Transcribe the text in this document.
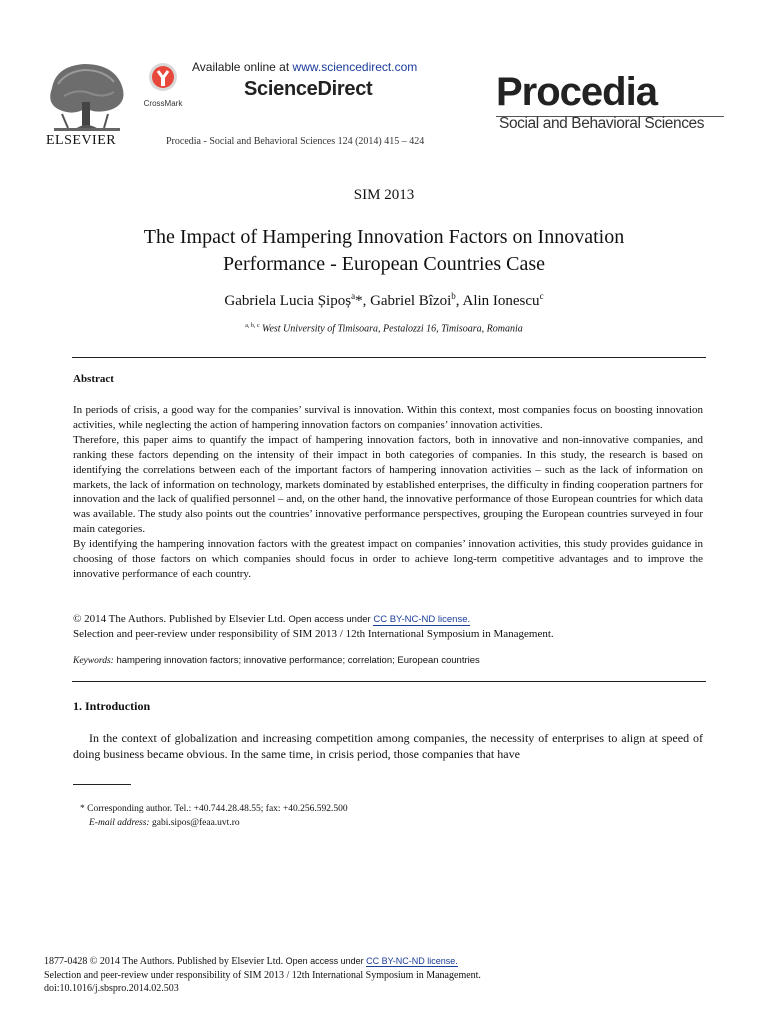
ELSEVIER
CrossMark
Available online at www.sciencedirect.com
ScienceDirect
Procedia - Social and Behavioral Sciences 124 (2014) 415 – 424
Procedia
Social and Behavioral Sciences
SIM 2013
The Impact of Hampering Innovation Factors on Innovation
Performance - European Countries Case
Gabriela Lucia Șipoș$^a$*, Gabriel Bîzoi$^b$, Alin Ionescu$^c$
$^{a, b, c}$ West University of Timisoara, Pestalozzi 16, Timisoara, Romania
Abstract

In periods of crisis, a good way for the companies’ survival is innovation. Within this context, most companies focus on boosting innovation activities, while neglecting the action of hampering innovation factors on companies’ innovation activities.

Therefore, this paper aims to quantify the impact of hampering innovation factors, both in innovative and non-innovative companies, and ranking these factors depending on the intensity of their impact in both categories of companies. In this study, the research is based on identifying the correlations between each of the important factors of hampering innovation activities – such as the lack of information on markets, the lack of information on technology, markets dominated by established enterprises, the difficulty in finding cooperation partners for innovation and the lack of qualified personnel – and, on the other hand, the innovative performance of those European countries for which data was available. The study also points out the countries’ innovative performance perspectives, grouping the European countries surveyed in four main categories.

By identifying the hampering innovation factors with the greatest impact on companies’ innovation activities, this study provides guidance in choosing of those factors on which companies should focus in order to achieve long-term competitive advantages and to improve the innovative performance of each country.

© 2014 The Authors. Published by Elsevier Ltd. Open access under CC BY-NC-ND license.
Selection and peer-review under responsibility of SIM 2013 / 12th International Symposium in Management.
Keywords: hampering innovation factors; innovative performance; correlation; European countries
1. Introduction
In the context of globalization and increasing competition among companies, the necessity of enterprises to align at speed of doing business became obvious. In the same time, in crisis period, those companies that have
* Corresponding author. Tel.: +40.744.28.48.55; fax: +40.256.592.500
E-mail address: gabi.sipos@feaa.uvt.ro
1877-0428 © 2014 The Authors. Published by Elsevier Ltd. Open access under CC BY-NC-ND license.
Selection and peer-review under responsibility of SIM 2013 / 12th International Symposium in Management.
doi:10.1016/j.sbspro.2014.02.503
